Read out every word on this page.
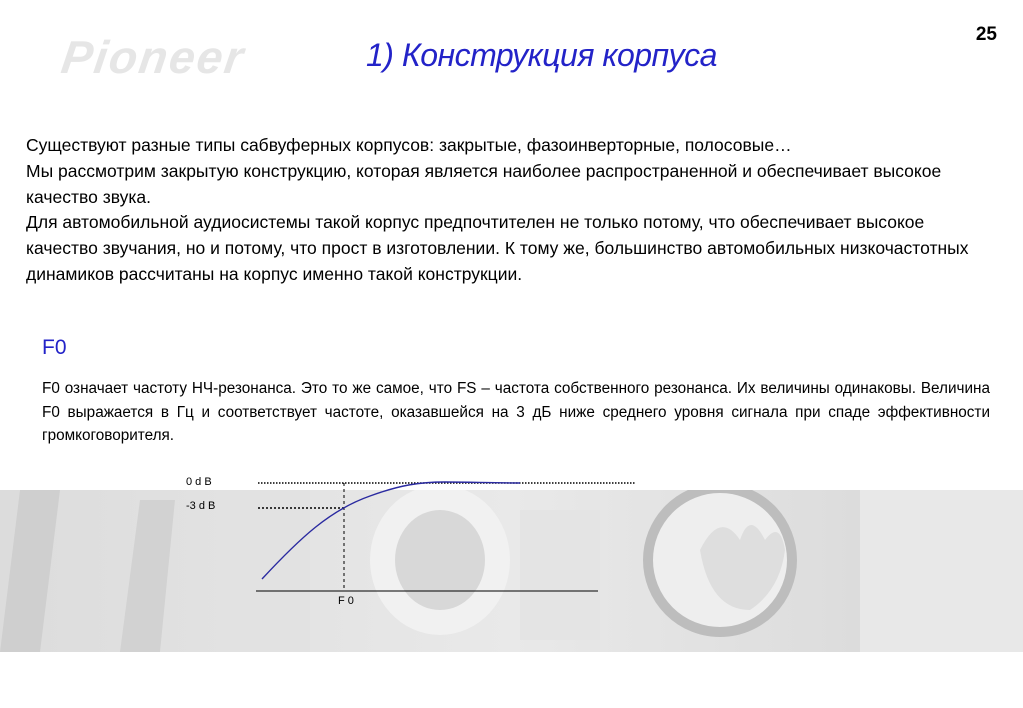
Pioneer	25
1) Конструкция корпуса

Существуют разные типы сабвуферных корпусов: закрытые, фазоинверторные, полосовые…

Мы рассмотрим закрытую конструкцию, которая является наиболее распространенной и обеспечивает высокое качество звука.

Для автомобильной аудиосистемы такой корпус предпочтителен не только потому, что обеспечивает высокое качество звучания, но и потому, что прост в изготовлении. К тому же, большинство автомобильных низкочастотных динамиков рассчитаны на корпус именно такой конструкции.

F0
F0 означает частоту НЧ-резонанса. Это то же самое, что FS – частота собственного резонанса. Их величины одинаковы. Величина F0 выражается в Гц и соответствует частоте, оказавшейся на 3 дБ ниже среднего уровня сигнала при спаде эффективности громкоговорителя.
0 d B
-3 d B
F 0
